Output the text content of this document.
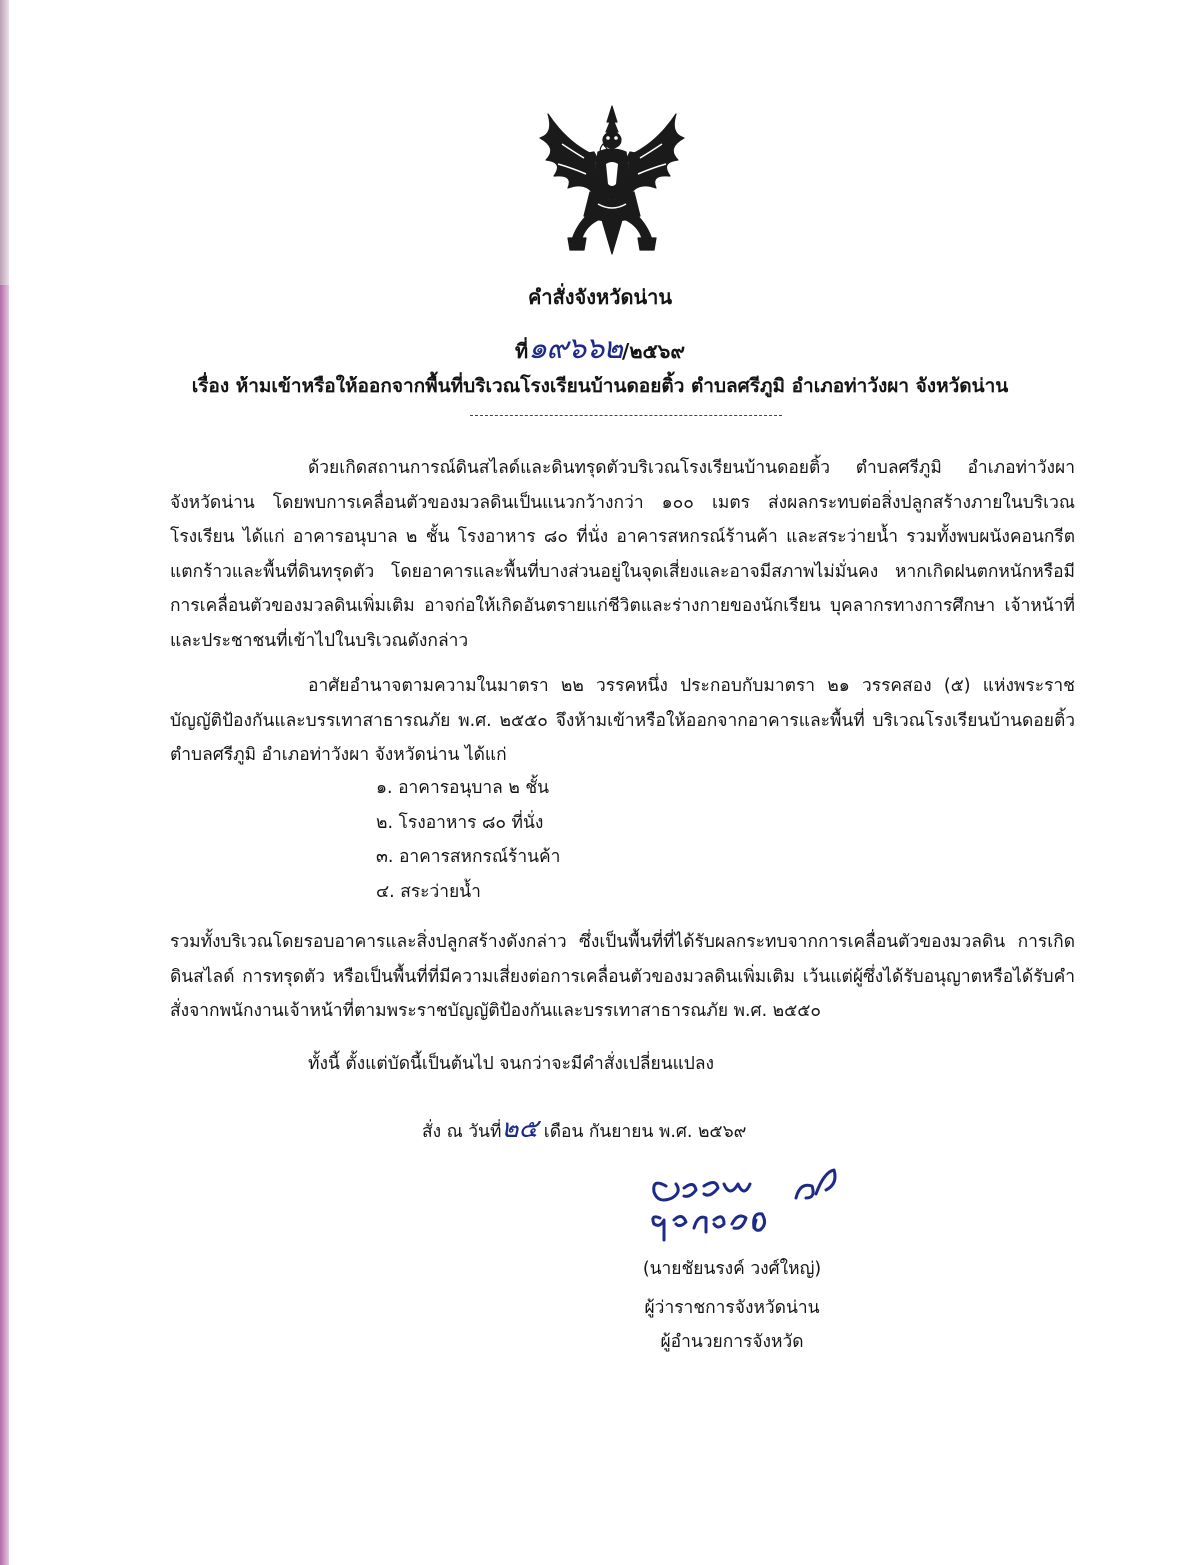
คำสั่งจังหวัดน่าน
ที่๑๙๖๖๒/๒๕๖๙
เรื่อง ห้ามเข้าหรือให้ออกจากพื้นที่บริเวณโรงเรียนบ้านดอยติ้ว ตำบลศรีภูมิ อำเภอท่าวังผา จังหวัดน่าน
ด้วยเกิดสถานการณ์ดินสไลด์และดินทรุดตัวบริเวณโรงเรียนบ้านดอยติ้ว ตำบลศรีภูมิ อำเภอท่าวังผา จังหวัดน่าน โดยพบการเคลื่อนตัวของมวลดินเป็นแนวกว้างกว่า ๑๐๐ เมตร ส่งผลกระทบต่อสิ่งปลูกสร้างภายในบริเวณโรงเรียน ได้แก่ อาคารอนุบาล ๒ ชั้น โรงอาหาร ๘๐ ที่นั่ง อาคารสหกรณ์ร้านค้า และสระว่ายน้ำ รวมทั้งพบผนังคอนกรีตแตกร้าวและพื้นที่ดินทรุดตัว โดยอาคารและพื้นที่บางส่วนอยู่ในจุดเสี่ยงและอาจมีสภาพไม่มั่นคง หากเกิดฝนตกหนักหรือมีการเคลื่อนตัวของมวลดินเพิ่มเติม อาจก่อให้เกิดอันตรายแก่ชีวิตและร่างกายของนักเรียน บุคลากรทางการศึกษา เจ้าหน้าที่ และประชาชนที่เข้าไปในบริเวณดังกล่าว
อาศัยอำนาจตามความในมาตรา ๒๒ วรรคหนึ่ง ประกอบกับมาตรา ๒๑ วรรคสอง (๕) แห่งพระราชบัญญัติป้องกันและบรรเทาสาธารณภัย พ.ศ. ๒๕๕๐ จึงห้ามเข้าหรือให้ออกจากอาคารและพื้นที่ บริเวณโรงเรียนบ้านดอยติ้ว ตำบลศรีภูมิ อำเภอท่าวังผา จังหวัดน่าน ได้แก่
๑. อาคารอนุบาล ๒ ชั้น
๒. โรงอาหาร ๘๐ ที่นั่ง
๓. อาคารสหกรณ์ร้านค้า
๔. สระว่ายน้ำ
รวมทั้งบริเวณโดยรอบอาคารและสิ่งปลูกสร้างดังกล่าว ซึ่งเป็นพื้นที่ที่ได้รับผลกระทบจากการเคลื่อนตัวของมวลดิน การเกิดดินสไลด์ การทรุดตัว หรือเป็นพื้นที่ที่มีความเสี่ยงต่อการเคลื่อนตัวของมวลดินเพิ่มเติม เว้นแต่ผู้ซึ่งได้รับอนุญาตหรือได้รับคำสั่งจากพนักงานเจ้าหน้าที่ตามพระราชบัญญัติป้องกันและบรรเทาสาธารณภัย พ.ศ. ๒๕๕๐
ทั้งนี้ ตั้งแต่บัดนี้เป็นต้นไป จนกว่าจะมีคำสั่งเปลี่ยนแปลง
สั่ง ณ วันที่๒๕ เดือน กันยายน พ.ศ. ๒๕๖๙
(นายชัยนรงค์ วงศ์ใหญ่)
ผู้ว่าราชการจังหวัดน่าน
ผู้อำนวยการจังหวัด
